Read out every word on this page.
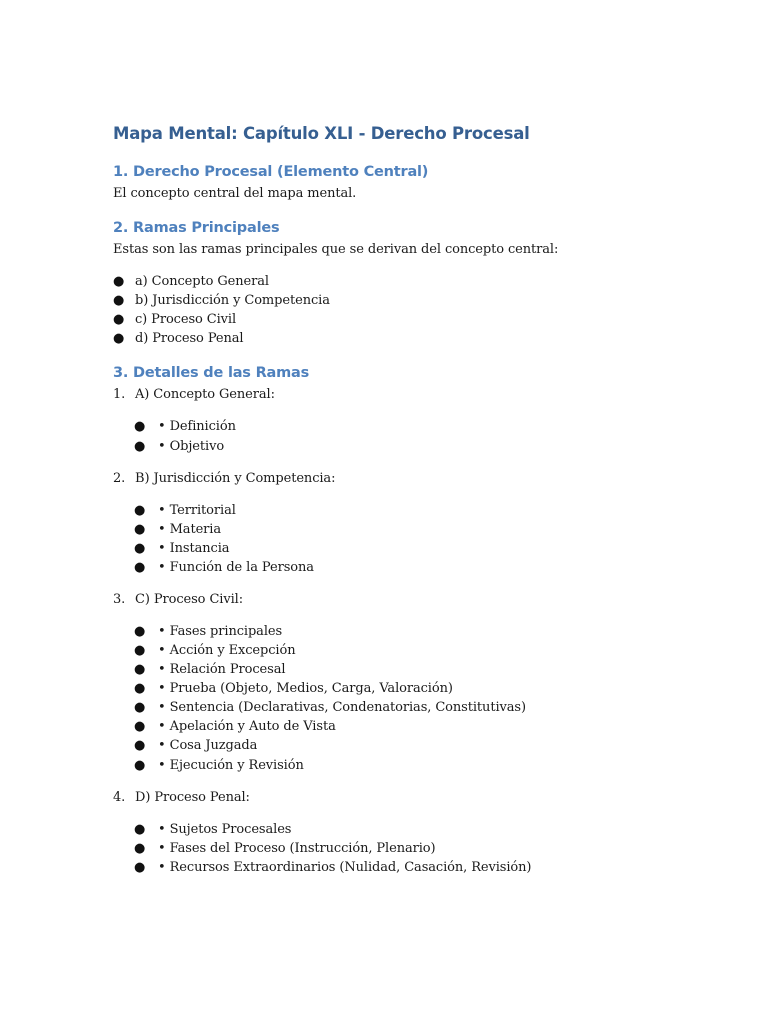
Mapa Mental: Capítulo XLI - Derecho Procesal
1. Derecho Procesal (Elemento Central)
El concepto central del mapa mental.
2. Ramas Principales
Estas son las ramas principales que se derivan del concepto central:
● a) Concepto General
● b) Jurisdicción y Competencia
● c) Proceso Civil
● d) Proceso Penal
3. Detalles de las Ramas
1. A) Concepto General:
● • Definición
● • Objetivo
2. B) Jurisdicción y Competencia:
● • Territorial
● • Materia
● • Instancia
● • Función de la Persona
3. C) Proceso Civil:
● • Fases principales
● • Acción y Excepción
● • Relación Procesal
● • Prueba (Objeto, Medios, Carga, Valoración)
● • Sentencia (Declarativas, Condenatorias, Constitutivas)
● • Apelación y Auto de Vista
● • Cosa Juzgada
● • Ejecución y Revisión
4. D) Proceso Penal:
● • Sujetos Procesales
● • Fases del Proceso (Instrucción, Plenario)
● • Recursos Extraordinarios (Nulidad, Casación, Revisión)
